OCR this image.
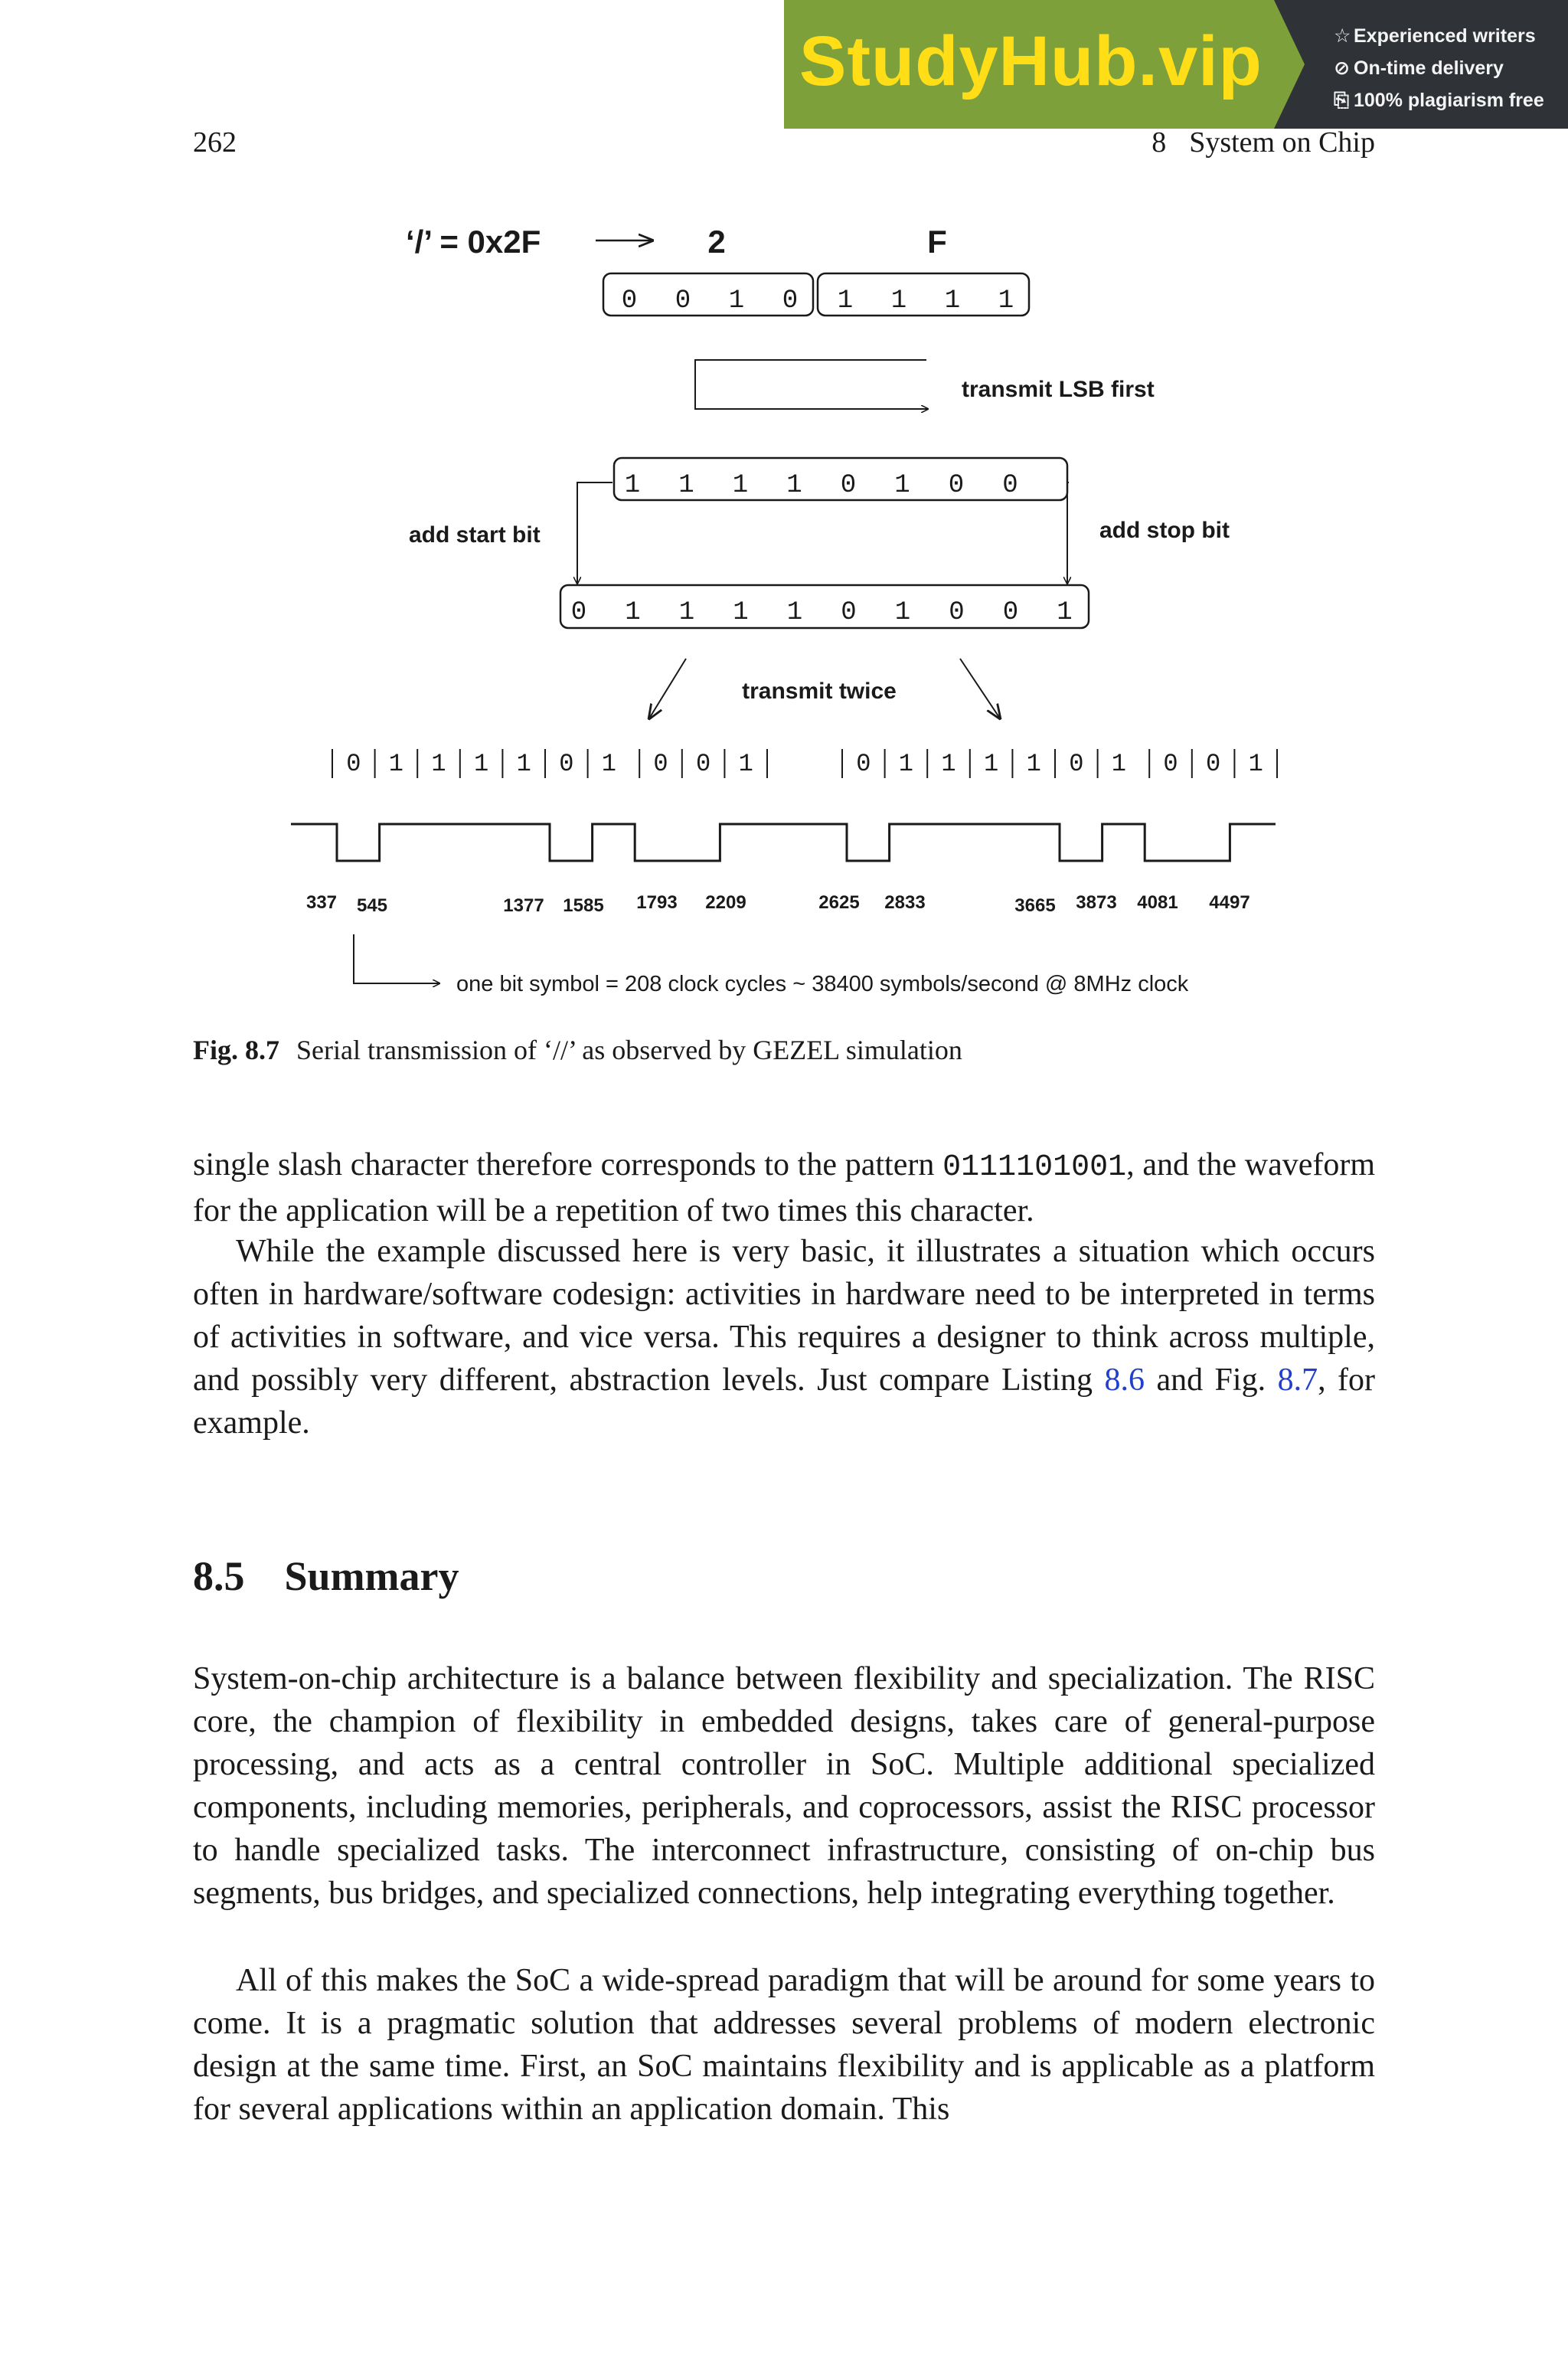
StudyHub.vip	☆ Experienced writers
⊘ On-time delivery
⎘ 100% plagiarism free
262	8 System on Chip
‘/’ = 0x2F	2	F
0 0 1 0 1 1 1 1
transmit LSB first
1 1 1 1 0 1 0 0
add start bit	add stop bit
0 1 1 1 1 0 1 0 0 1
transmit twice
0 1 1 1 1 0 1 0 0 1	0 1 1 1 1 0 1 0 0 1
337 545	1377 1585 1793 2209	2625 2833	3665 3873 4081 4497
one bit symbol = 208 clock cycles ~ 38400 symbols/second @ 8MHz clock
Fig. 8.7 Serial transmission of ‘//’ as observed by GEZEL simulation

single slash character therefore corresponds to the pattern 0111101001, and the waveform for the application will be a repetition of two times this character.

While the example discussed here is very basic, it illustrates a situation which occurs often in hardware/software codesign: activities in hardware need to be interpreted in terms of activities in software, and vice versa. This requires a designer to think across multiple, and possibly very different, abstraction levels. Just compare Listing 8.6 and Fig. 8.7, for example.

8.5 Summary

System-on-chip architecture is a balance between flexibility and specialization. The RISC core, the champion of flexibility in embedded designs, takes care of general-purpose processing, and acts as a central controller in SoC. Multiple additional specialized components, including memories, peripherals, and coprocessors, assist the RISC processor to handle specialized tasks. The interconnect infrastructure, consisting of on-chip bus segments, bus bridges, and specialized connections, help integrating everything together.

All of this makes the SoC a wide-spread paradigm that will be around for some years to come. It is a pragmatic solution that addresses several problems of modern electronic design at the same time. First, an SoC maintains flexibility and is applicable as a platform for several applications within an application domain. This
